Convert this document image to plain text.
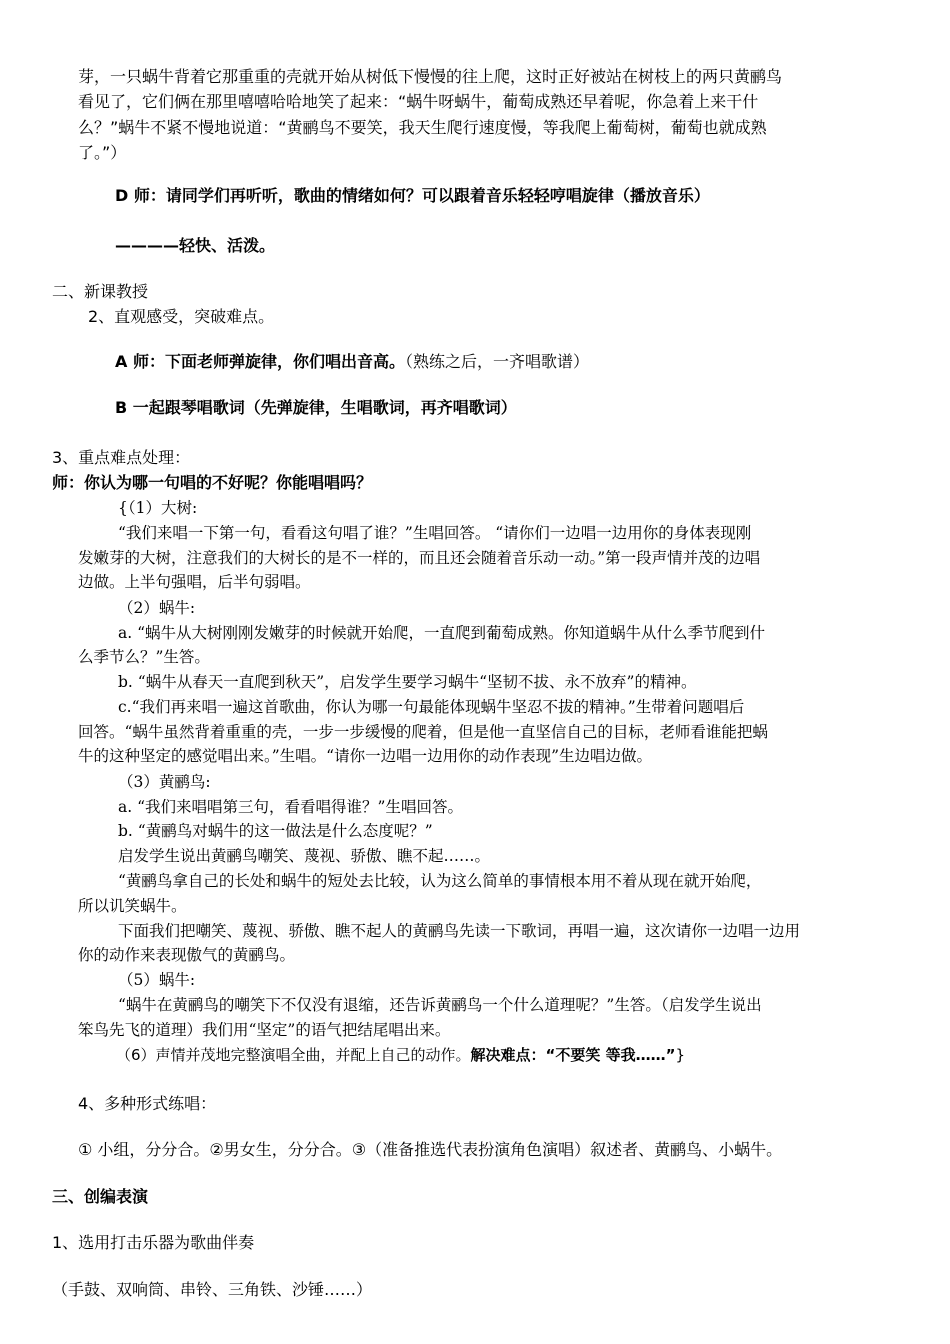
芽，一只蜗牛背着它那重重的壳就开始从树低下慢慢的往上爬，这时正好被站在树枝上的两只黄鹂鸟
看见了，它们俩在那里嘻嘻哈哈地笑了起来：“蜗牛呀蜗牛，葡萄成熟还早着呢，你急着上来干什
么？”蜗牛不紧不慢地说道：“黄鹂鸟不要笑，我天生爬行速度慢，等我爬上葡萄树，葡萄也就成熟
了。”）
D 师：请同学们再听听，歌曲的情绪如何？可以跟着音乐轻轻哼唱旋律（播放音乐）
————轻快、活泼。
二、新课教授
2、直观感受，突破难点。
A 师：下面老师弹旋律，你们唱出音高。（熟练之后，一齐唱歌谱）
B 一起跟琴唱歌词（先弹旋律，生唱歌词，再齐唱歌词）
3、重点难点处理：
师：你认为哪一句唱的不好呢？你能唱唱吗？
{（1）大树:
“我们来唱一下第一句，看看这句唱了谁？”生唱回答。 “请你们一边唱一边用你的身体表现刚
发嫩芽的大树，注意我们的大树长的是不一样的，而且还会随着音乐动一动。”第一段声情并茂的边唱
边做。上半句强唱，后半句弱唱。
（2）蜗牛:
a. “蜗牛从大树刚刚发嫩芽的时候就开始爬，一直爬到葡萄成熟。你知道蜗牛从什么季节爬到什
么季节么？”生答。
b. “蜗牛从春天一直爬到秋天”，启发学生要学习蜗牛“坚韧不拔、永不放弃”的精神。
c.“我们再来唱一遍这首歌曲，你认为哪一句最能体现蜗牛坚忍不拔的精神。”生带着问题唱后
回答。“蜗牛虽然背着重重的壳，一步一步缓慢的爬着，但是他一直坚信自己的目标，老师看谁能把蜗
牛的这种坚定的感觉唱出来。”生唱。“请你一边唱一边用你的动作表现”生边唱边做。
（3）黄鹂鸟:
a. “我们来唱唱第三句，看看唱得谁？”生唱回答。
b. “黄鹂鸟对蜗牛的这一做法是什么态度呢？”
启发学生说出黄鹂鸟嘲笑、蔑视、骄傲、瞧不起……。
“黄鹂鸟拿自己的长处和蜗牛的短处去比较，认为这么简单的事情根本用不着从现在就开始爬，
所以讥笑蜗牛。
下面我们把嘲笑、蔑视、骄傲、瞧不起人的黄鹂鸟先读一下歌词，再唱一遍，这次请你一边唱一边用
你的动作来表现傲气的黄鹂鸟。
（5）蜗牛:
“蜗牛在黄鹂鸟的嘲笑下不仅没有退缩，还告诉黄鹂鸟一个什么道理呢？”生答。（启发学生说出
笨鸟先飞的道理）我们用“坚定”的语气把结尾唱出来。
（6）声情并茂地完整演唱全曲，并配上自己的动作。解决难点：“不要笑 等我……”}
4、多种形式练唱：
① 小组，分分合。②男女生，分分合。③（准备推选代表扮演角色演唱）叙述者、黄鹂鸟、小蜗牛。
三、创编表演
1、选用打击乐器为歌曲伴奏
（手鼓、双响筒、串铃、三角铁、沙锤……）
